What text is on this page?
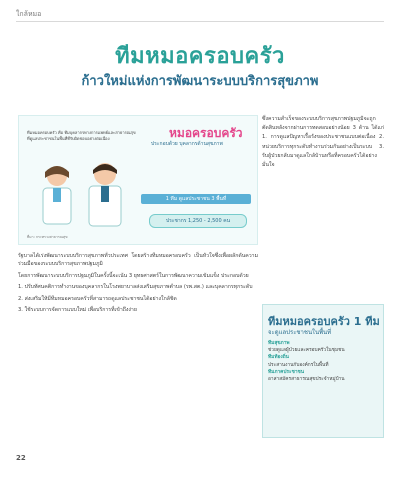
ใกล้หมอ
ทีมหมอครอบครัว
ก้าวใหม่แห่งการพัฒนาระบบบริการสุขภาพ
ทีมหมอครอบครัว คือ ทีมบุคลากรทางการแพทย์และสาธารณสุข ที่ดูแลประชาชนในพื้นที่ที่รับผิดชอบอย่างต่อเนื่อง	หมอครอบครัว
ประกอบด้วย บุคลากรด้านสุขภาพ
1 ทีม ดูแลประชาชน 3 พื้นที่
ประชากร 1,250 - 2,500 คน
ที่มา: กระทรวงสาธารณสุข
ซึ่งความสำเร็จของระบบบริการสุขภาพปฐมภูมิจะถูกตัดสินหลังจากผ่านการทดสอบอย่างน้อย 3 ด้าน ได้แก่ 1. การดูแลปัญหาเรื้อรังของประชาชนแบบต่อเนื่อง 2. หน่วยบริการทุกระดับทำงานร่วมกันอย่างเป็นระบบ 3. รับผู้ป่วยกลับมาดูแลใกล้บ้านหรือที่ครอบครัวได้อย่างมั่นใจ

รัฐบาลได้เร่งพัฒนาระบบบริการสุขภาพทั่วประเทศ โดยสร้างทีมหมอครอบครัว เป็นหัวใจซึ่งเพื่อผลักดันความร่วมมือของระบบบริการสุขภาพปฐมภูมิ

โดยการพัฒนาระบบบริการปฐมภูมิในครั้งนี้จะเน้น 3 ยุทธศาสตร์ในการพัฒนาความเข้มแข็ง ประกอบด้วย

1. ปรับทัศนคติการทำงานของบุคลากรในโรงพยาบาลส่งเสริมสุขภาพตำบล (รพ.สต.) และบุคลากรทุกระดับ

2. ส่งเสริมให้มีทีมหมอครอบครัวที่สามารถดูแลประชาชนได้อย่างใกล้ชิด

3. ใช้ระบบการจัดการแบบใหม่ เพื่อบริการที่เข้าถึงง่าย

ทีมหมอครอบครัว 1 ทีม
จะดูแลประชาชนในพื้นที่
ทีมสุขภาพ
ช่วยดูแลผู้ป่วยและครอบครัวในชุมชน
ทีมท้องถิ่น
ประสานงานกับองค์กรในพื้นที่
ทีมภาคประชาชน
อาสาสมัครสาธารณสุขประจำหมู่บ้าน
22
